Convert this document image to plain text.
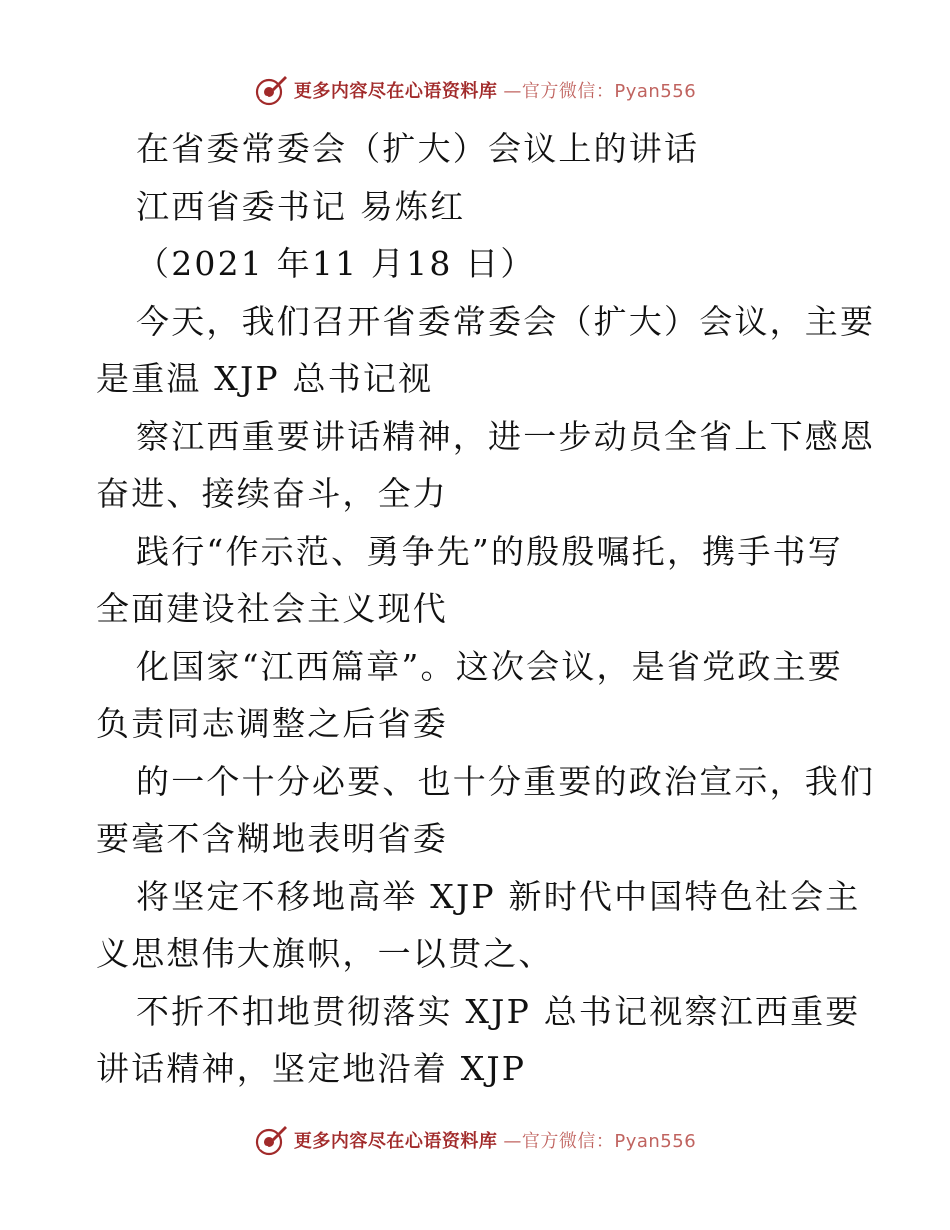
更多内容尽在心语资料库 —官方微信：Pyan556
在省委常委会（扩大）会议上的讲话
江西省委书记 易炼红
（2021 年11 月18 日）
今天，我们召开省委常委会（扩大）会议，主要
是重温 XJP 总书记视
察江西重要讲话精神，进一步动员全省上下感恩
奋进、接续奋斗，全力
践行“作示范、勇争先”的殷殷嘱托，携手书写
全面建设社会主义现代
化国家“江西篇章”。这次会议，是省党政主要
负责同志调整之后省委
的一个十分必要、也十分重要的政治宣示，我们
要毫不含糊地表明省委
将坚定不移地高举 XJP 新时代中国特色社会主
义思想伟大旗帜，一以贯之、
不折不扣地贯彻落实 XJP 总书记视察江西重要
讲话精神，坚定地沿着 XJP
更多内容尽在心语资料库 —官方微信：Pyan556
